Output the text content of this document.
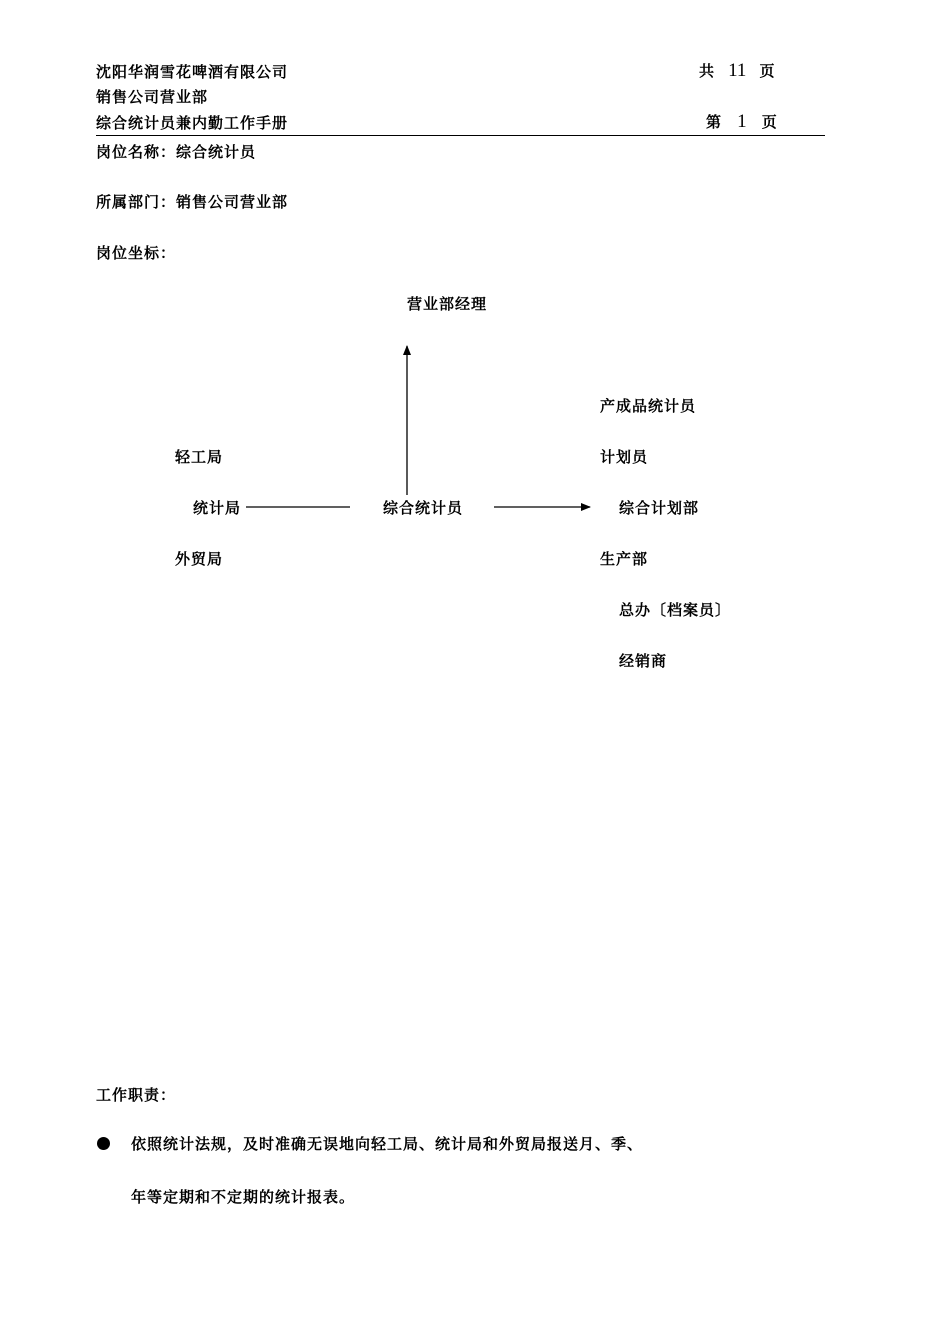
沈阳华润雪花啤酒有限公司
销售公司营业部
综合统计员兼内勤工作手册
共 11 页
第 1 页
岗位名称：综合统计员
所属部门：销售公司营业部
岗位坐标：
营业部经理
综合统计员
轻工局
统计局
外贸局
产成品统计员
计划员
综合计划部
生产部
总办〔档案员〕
经销商
工作职责：
依照统计法规，及时准确无误地向轻工局、统计局和外贸局报送月、季、
年等定期和不定期的统计报表。
